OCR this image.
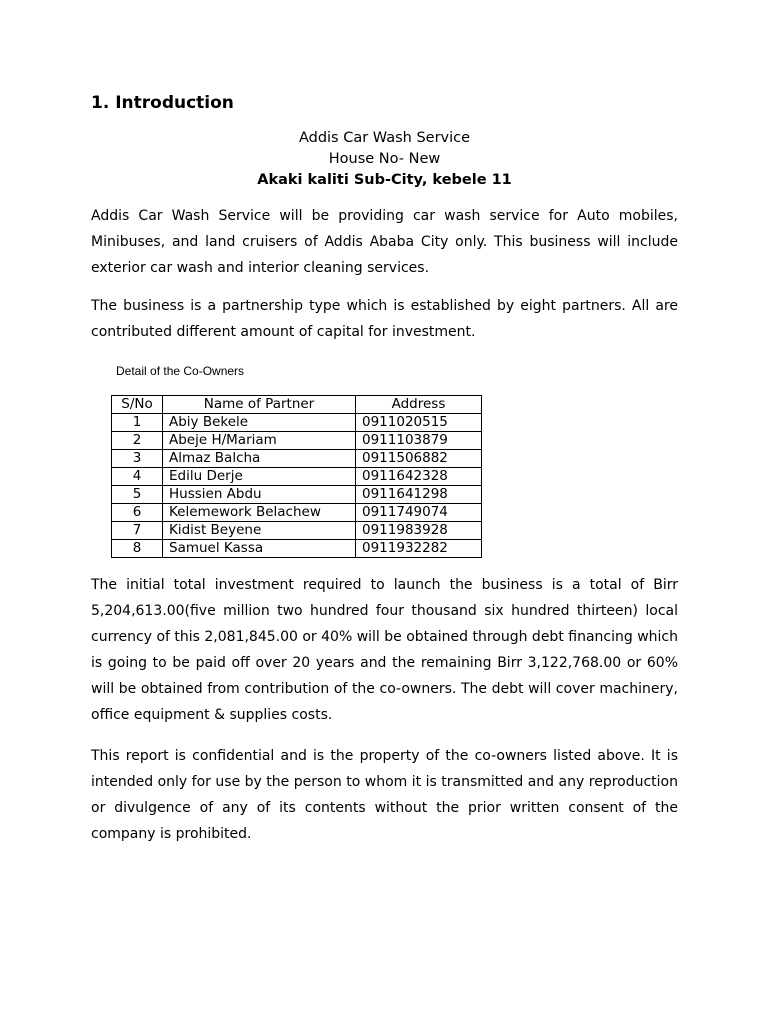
1. Introduction
Addis Car Wash Service
House No- New
Akaki kaliti Sub-City, kebele 11

Addis Car Wash Service will be providing car wash service for Auto mobiles, Minibuses, and land cruisers of Addis Ababa City only. This business will include exterior car wash and interior cleaning services.

The business is a partnership type which is established by eight partners. All are contributed different amount of capital for investment.

Detail of the Co-Owners
S/No	Name of Partner	Address
1	Abiy Bekele	0911020515
2	Abeje H/Mariam	0911103879
3	Almaz Balcha	0911506882
4	Edilu Derje	0911642328
5	Hussien Abdu	0911641298
6	Kelemework Belachew	0911749074
7	Kidist Beyene	0911983928
8	Samuel Kassa	0911932282

The initial total investment required to launch the business is a total of Birr 5,204,613.00(five million two hundred four thousand six hundred thirteen) local currency of this 2,081,845.00 or 40% will be obtained through debt financing which is going to be paid off over 20 years and the remaining Birr 3,122,768.00 or 60% will be obtained from contribution of the co-owners. The debt will cover machinery, office equipment & supplies costs.

This report is confidential and is the property of the co-owners listed above. It is intended only for use by the person to whom it is transmitted and any reproduction or divulgence of any of its contents without the prior written consent of the company is prohibited.
